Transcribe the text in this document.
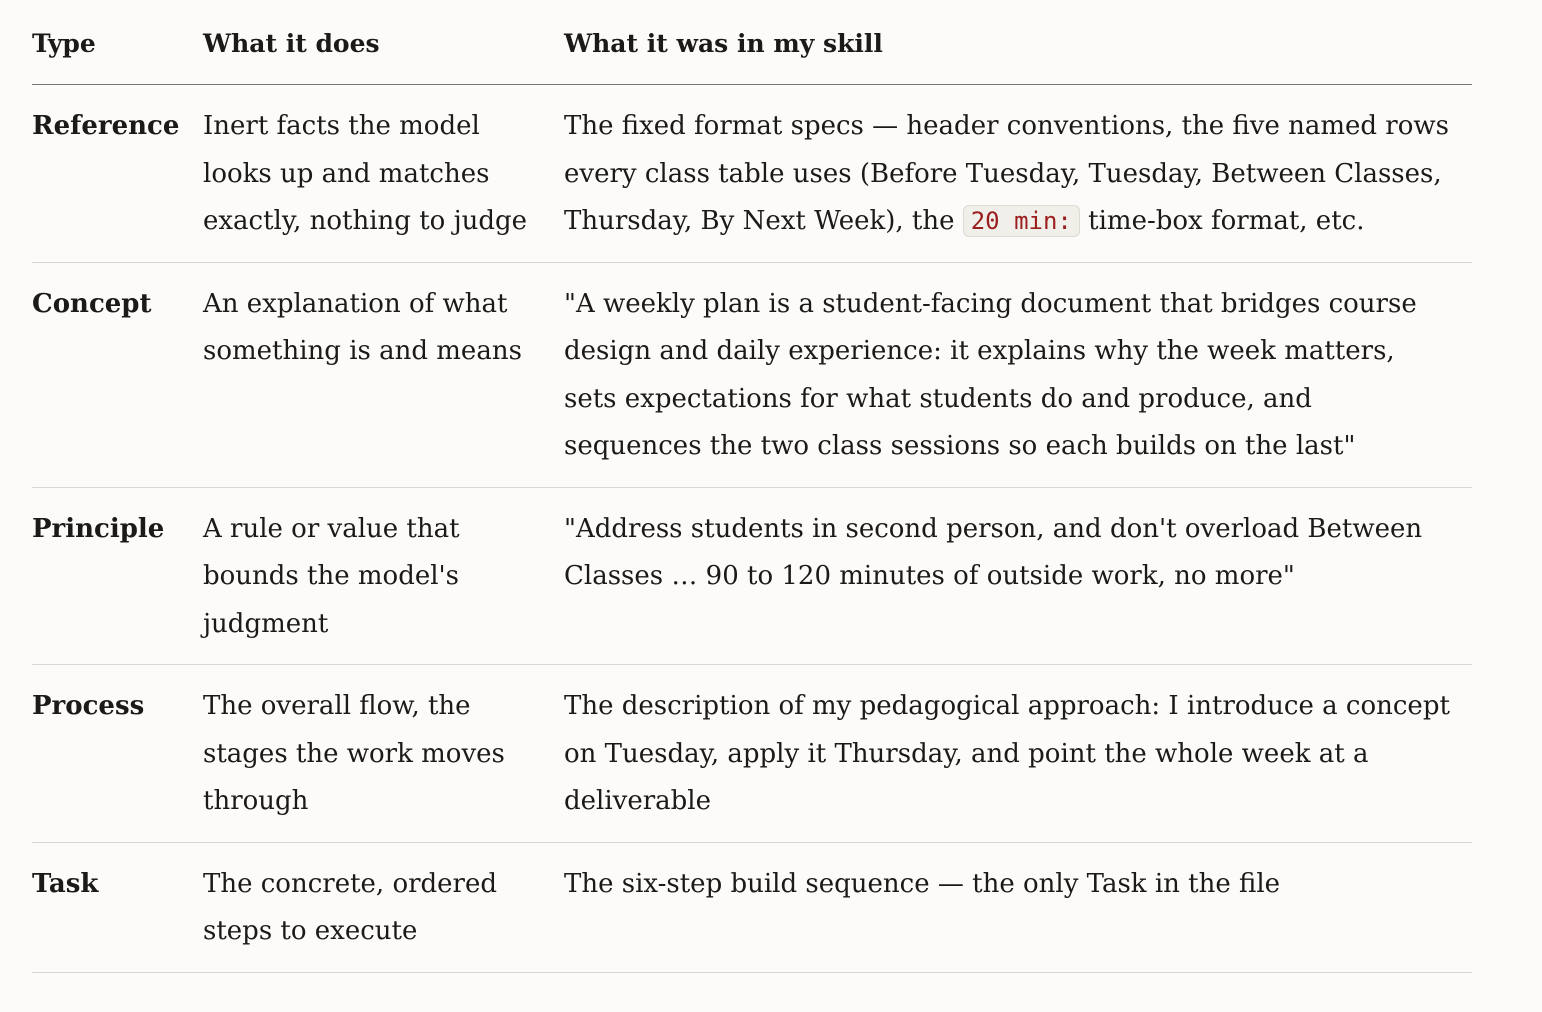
Type	What it does	What it was in my skill
Reference	Inert facts the model looks up and matches exactly, nothing to judge	The fixed format specs — header conventions, the five named rows every class table uses (Before Tuesday, Tuesday, Between Classes, Thursday, By Next Week), the 20 min: time-box format, etc.
Concept	An explanation of what something is and means	"A weekly plan is a student-facing document that bridges course design and daily experience: it explains why the week matters, sets expectations for what students do and produce, and sequences the two class sessions so each builds on the last"
Principle	A rule or value that bounds the model's judgment	"Address students in second person, and don't overload Between Classes … 90 to 120 minutes of outside work, no more"
Process	The overall flow, the stages the work moves through	The description of my pedagogical approach: I introduce a concept on Tuesday, apply it Thursday, and point the whole week at a deliverable
Task	The concrete, ordered steps to execute	The six-step build sequence — the only Task in the file
